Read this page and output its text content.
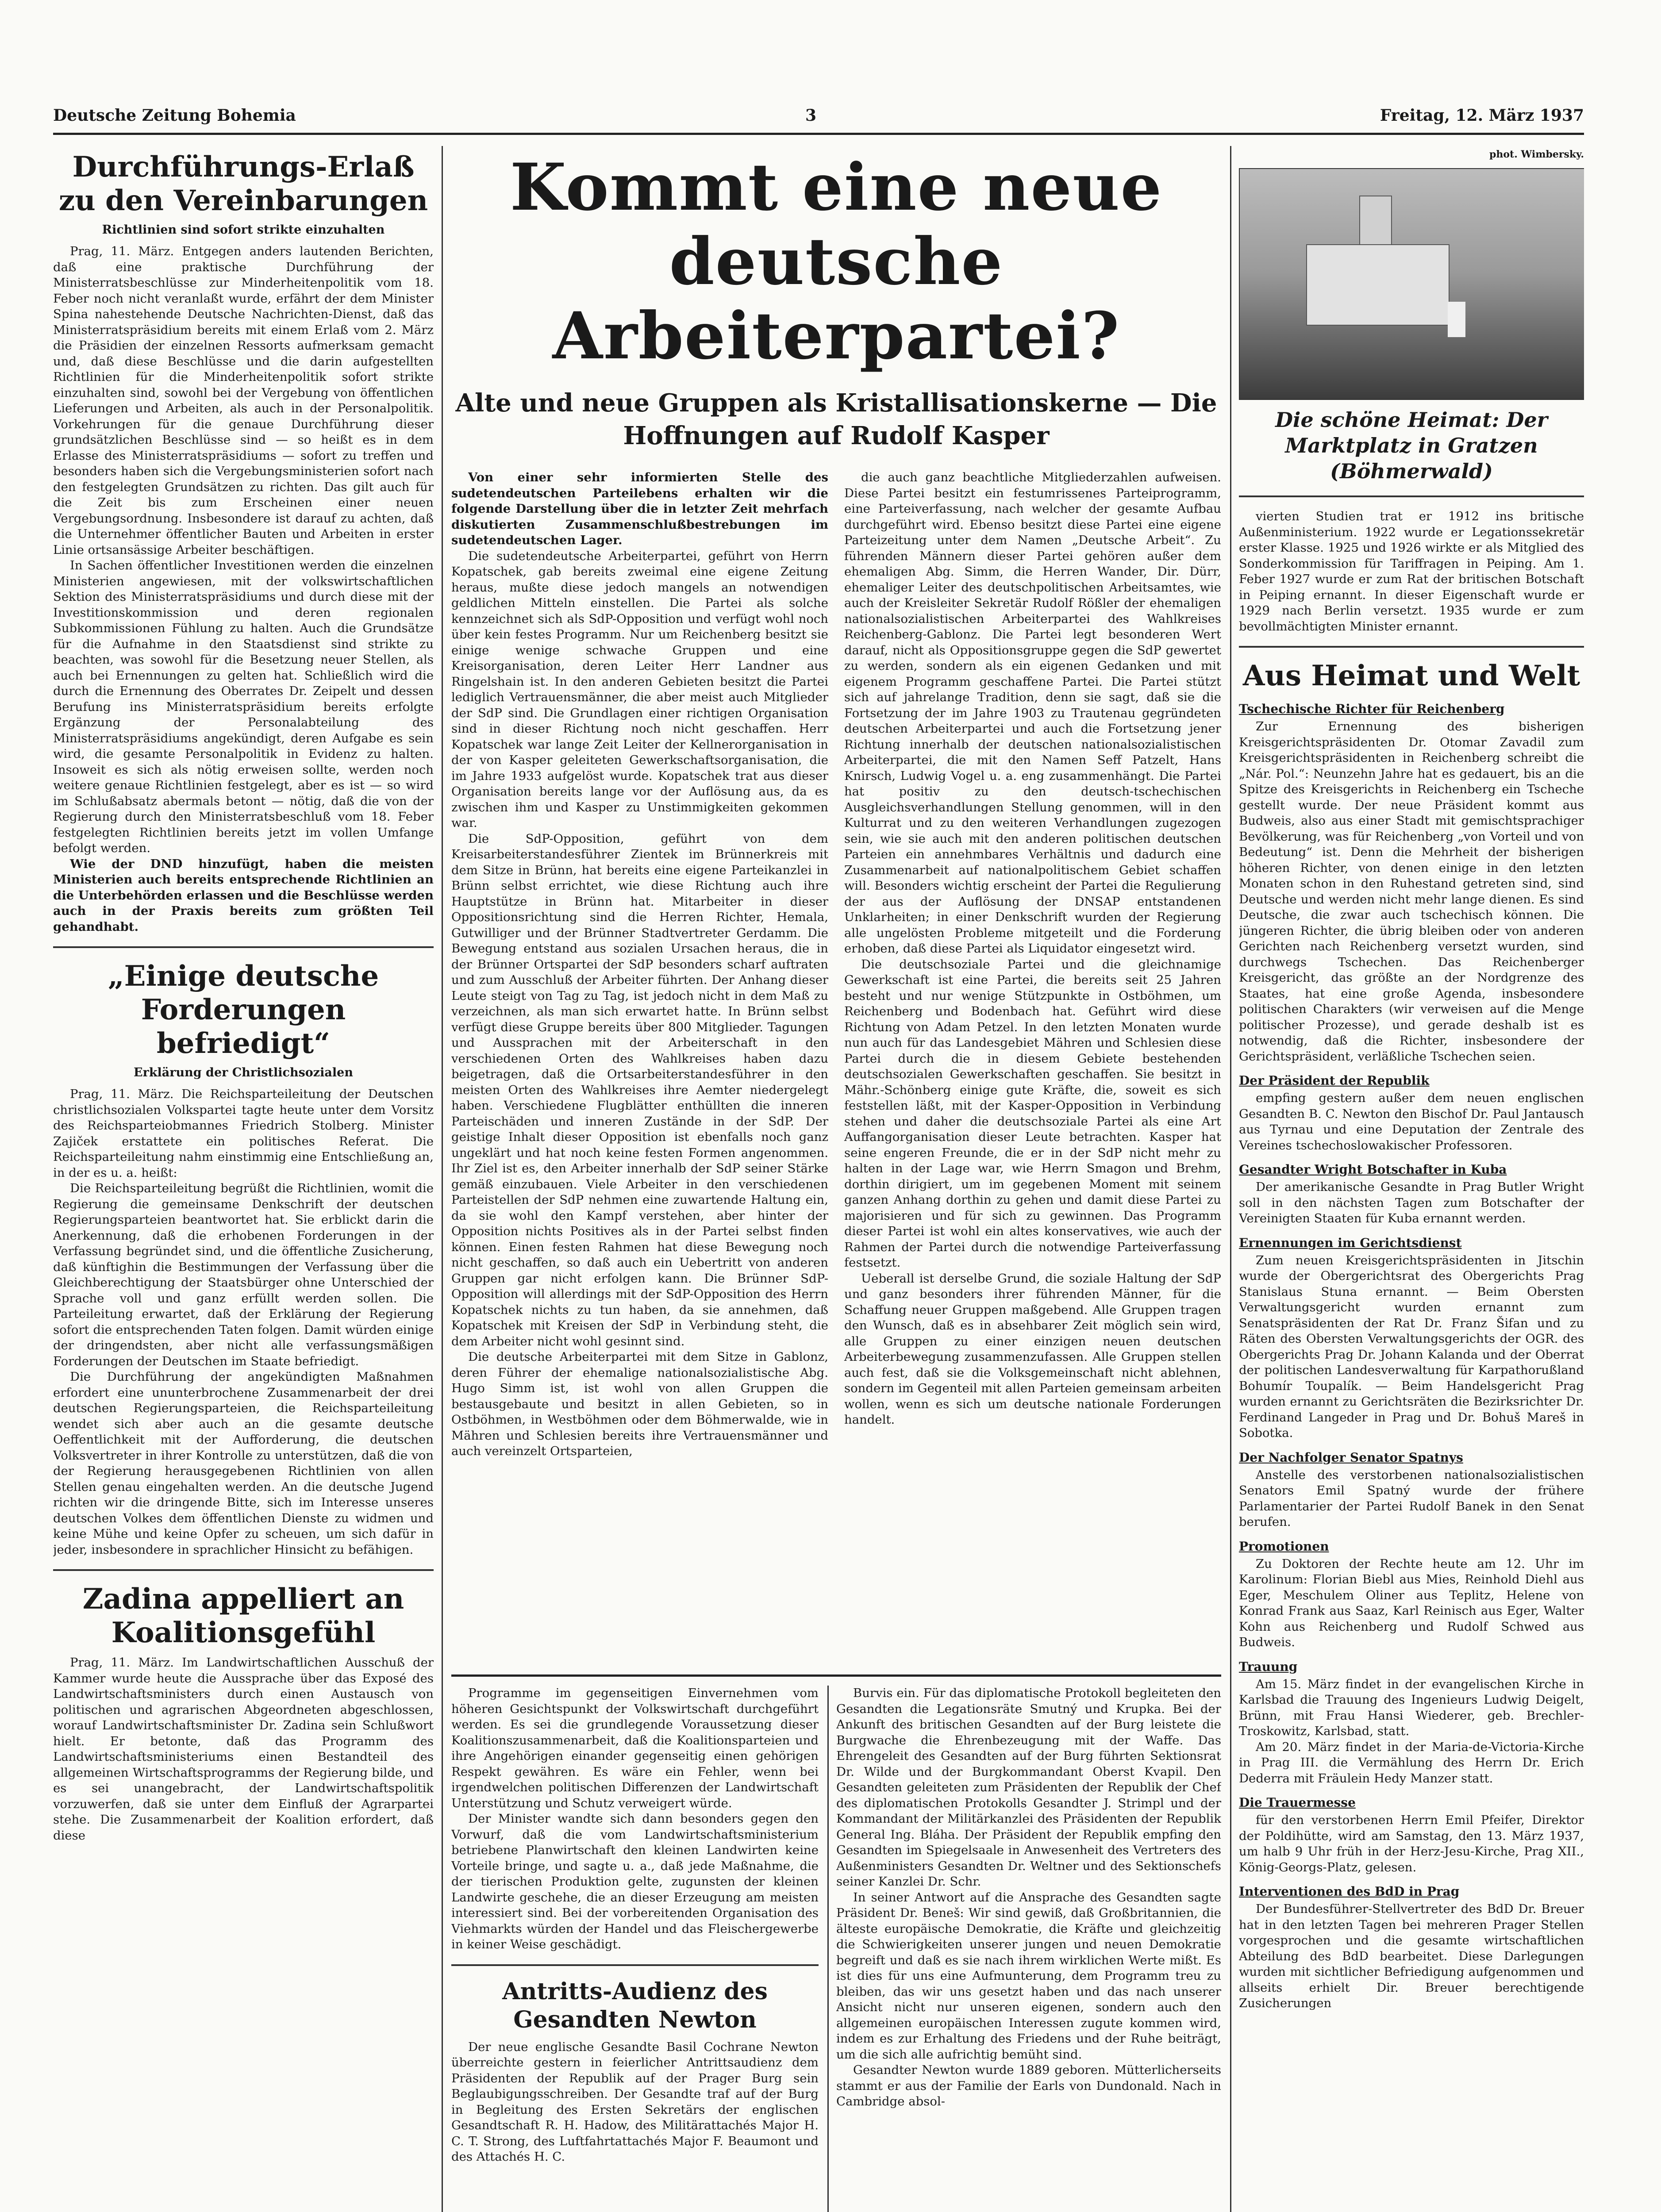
Deutsche Zeitung Bohemia	3	Freitag, 12. März 1937
Durchführungs-Erlaß zu den Vereinbarungen
Richtlinien sind sofort strikte einzuhalten

Prag, 11. März. Entgegen anders lautenden Berichten, daß eine praktische Durchführung der Ministerratsbeschlüsse zur Minderheitenpolitik vom 18. Feber noch nicht veranlaßt wurde, erfährt der dem Minister Spina nahestehende Deutsche Nachrichten-Dienst, daß das Ministerratspräsidium bereits mit einem Erlaß vom 2. März die Präsidien der einzelnen Ressorts aufmerksam gemacht und, daß diese Beschlüsse und die darin aufgestellten Richtlinien für die Minderheitenpolitik sofort strikte einzuhalten sind, sowohl bei der Vergebung von öffentlichen Lieferungen und Arbeiten, als auch in der Personalpolitik. Vorkehrungen für die genaue Durchführung dieser grundsätzlichen Beschlüsse sind — so heißt es in dem Erlasse des Ministerratspräsidiums — sofort zu treffen und besonders haben sich die Vergebungsministerien sofort nach den festgelegten Grundsätzen zu richten. Das gilt auch für die Zeit bis zum Erscheinen einer neuen Vergebungsordnung. Insbesondere ist darauf zu achten, daß die Unternehmer öffentlicher Bauten und Arbeiten in erster Linie ortsansässige Arbeiter beschäftigen.

In Sachen öffentlicher Investitionen werden die einzelnen Ministerien angewiesen, mit der volkswirtschaftlichen Sektion des Ministerratspräsidiums und durch diese mit der Investitionskommission und deren regionalen Subkommissionen Fühlung zu halten. Auch die Grundsätze für die Aufnahme in den Staatsdienst sind strikte zu beachten, was sowohl für die Besetzung neuer Stellen, als auch bei Ernennungen zu gelten hat. Schließlich wird die durch die Ernennung des Oberrates Dr. Zeipelt und dessen Berufung ins Ministerratspräsidium bereits erfolgte Ergänzung der Personalabteilung des Ministerratspräsidiums angekündigt, deren Aufgabe es sein wird, die gesamte Personalpolitik in Evidenz zu halten. Insoweit es sich als nötig erweisen sollte, werden noch weitere genaue Richtlinien festgelegt, aber es ist — so wird im Schlußabsatz abermals betont — nötig, daß die von der Regierung durch den Ministerratsbeschluß vom 18. Feber festgelegten Richtlinien bereits jetzt im vollen Umfange befolgt werden.

Wie der DND hinzufügt, haben die meisten Ministerien auch bereits entsprechende Richtlinien an die Unterbehörden erlassen und die Beschlüsse werden auch in der Praxis bereits zum größten Teil gehandhabt.

„Einige deutsche Forderungen befriedigt“
Erklärung der Christlichsozialen

Prag, 11. März. Die Reichsparteileitung der Deutschen christlichsozialen Volkspartei tagte heute unter dem Vorsitz des Reichsparteiobmannes Friedrich Stolberg. Minister Zajiček erstattete ein politisches Referat. Die Reichsparteileitung nahm einstimmig eine Entschließung an, in der es u. a. heißt:

Die Reichsparteileitung begrüßt die Richtlinien, womit die Regierung die gemeinsame Denkschrift der deutschen Regierungsparteien beantwortet hat. Sie erblickt darin die Anerkennung, daß die erhobenen Forderungen in der Verfassung begründet sind, und die öffentliche Zusicherung, daß künftighin die Bestimmungen der Verfassung über die Gleichberechtigung der Staatsbürger ohne Unterschied der Sprache voll und ganz erfüllt werden sollen. Die Parteileitung erwartet, daß der Erklärung der Regierung sofort die entsprechenden Taten folgen. Damit würden einige der dringendsten, aber nicht alle verfassungsmäßigen Forderungen der Deutschen im Staate befriedigt.

Die Durchführung der angekündigten Maßnahmen erfordert eine ununterbrochene Zusammenarbeit der drei deutschen Regierungsparteien, die Reichsparteileitung wendet sich aber auch an die gesamte deutsche Oeffentlichkeit mit der Aufforderung, die deutschen Volksvertreter in ihrer Kontrolle zu unterstützen, daß die von der Regierung herausgegebenen Richtlinien von allen Stellen genau eingehalten werden. An die deutsche Jugend richten wir die dringende Bitte, sich im Interesse unseres deutschen Volkes dem öffentlichen Dienste zu widmen und keine Mühe und keine Opfer zu scheuen, um sich dafür in jeder, insbesondere in sprachlicher Hinsicht zu befähigen.

Zadina appelliert an Koalitionsgefühl

Prag, 11. März. Im Landwirtschaftlichen Ausschuß der Kammer wurde heute die Aussprache über das Exposé des Landwirtschaftsministers durch einen Austausch von politischen und agrarischen Abgeordneten abgeschlossen, worauf Landwirtschaftsminister Dr. Zadina sein Schlußwort hielt. Er betonte, daß das Programm des Landwirtschaftsministeriums einen Bestandteil des allgemeinen Wirtschaftsprogramms der Regierung bilde, und es sei unangebracht, der Landwirtschaftspolitik vorzuwerfen, daß sie unter dem Einfluß der Agrarpartei stehe. Die Zusammenarbeit der Koalition erfordert, daß diese

Kommt eine neue deutsche Arbeiterpartei?
Alte und neue Gruppen als Kristallisationskerne — Die Hoffnungen auf Rudolf Kasper

Von einer sehr informierten Stelle des sudetendeutschen Parteilebens erhalten wir die folgende Darstellung über die in letzter Zeit mehrfach diskutierten Zusammenschlußbestrebungen im sudetendeutschen Lager.

Die sudetendeutsche Arbeiterpartei, geführt von Herrn Kopatschek, gab bereits zweimal eine eigene Zeitung heraus, mußte diese jedoch mangels an notwendigen geldlichen Mitteln einstellen. Die Partei als solche kennzeichnet sich als SdP-Opposition und verfügt wohl noch über kein festes Programm. Nur um Reichenberg besitzt sie einige wenige schwache Gruppen und eine Kreisorganisation, deren Leiter Herr Landner aus Ringelshain ist. In den anderen Gebieten besitzt die Partei lediglich Vertrauensmänner, die aber meist auch Mitglieder der SdP sind. Die Grundlagen einer richtigen Organisation sind in dieser Richtung noch nicht geschaffen. Herr Kopatschek war lange Zeit Leiter der Kellnerorganisation in der von Kasper geleiteten Gewerkschaftsorganisation, die im Jahre 1933 aufgelöst wurde. Kopatschek trat aus dieser Organisation bereits lange vor der Auflösung aus, da es zwischen ihm und Kasper zu Unstimmigkeiten gekommen war.

Die SdP-Opposition, geführt von dem Kreisarbeiterstandesführer Zientek im Brünnerkreis mit dem Sitze in Brünn, hat bereits eine eigene Parteikanzlei in Brünn selbst errichtet, wie diese Richtung auch ihre Hauptstütze in Brünn hat. Mitarbeiter in dieser Oppositionsrichtung sind die Herren Richter, Hemala, Gutwilliger und der Brünner Stadtvertreter Gerdamm. Die Bewegung entstand aus sozialen Ursachen heraus, die in der Brünner Ortspartei der SdP besonders scharf auftraten und zum Ausschluß der Arbeiter führten. Der Anhang dieser Leute steigt von Tag zu Tag, ist jedoch nicht in dem Maß zu verzeichnen, als man sich erwartet hatte. In Brünn selbst verfügt diese Gruppe bereits über 800 Mitglieder. Tagungen und Aussprachen mit der Arbeiterschaft in den verschiedenen Orten des Wahlkreises haben dazu beigetragen, daß die Ortsarbeiterstandesführer in den meisten Orten des Wahlkreises ihre Aemter niedergelegt haben. Verschiedene Flugblätter enthüllten die inneren Parteischäden und inneren Zustände in der SdP. Der geistige Inhalt dieser Opposition ist ebenfalls noch ganz ungeklärt und hat noch keine festen Formen angenommen. Ihr Ziel ist es, den Arbeiter innerhalb der SdP seiner Stärke gemäß einzubauen. Viele Arbeiter in den verschiedenen Parteistellen der SdP nehmen eine zuwartende Haltung ein, da sie wohl den Kampf verstehen, aber hinter der Opposition nichts Positives als in der Partei selbst finden können. Einen festen Rahmen hat diese Bewegung noch nicht geschaffen, so daß auch ein Uebertritt von anderen Gruppen gar nicht erfolgen kann. Die Brünner SdP-Opposition will allerdings mit der SdP-Opposition des Herrn Kopatschek nichts zu tun haben, da sie annehmen, daß Kopatschek mit Kreisen der SdP in Verbindung steht, die dem Arbeiter nicht wohl gesinnt sind.

Die deutsche Arbeiterpartei mit dem Sitze in Gablonz, deren Führer der ehemalige nationalsozialistische Abg. Hugo Simm ist, ist wohl von allen Gruppen die bestausgebaute und besitzt in allen Gebieten, so in Ostböhmen, in Westböhmen oder dem Böhmerwalde, wie in Mähren und Schlesien bereits ihre Vertrauensmänner und auch vereinzelt Ortsparteien,

die auch ganz beachtliche Mitgliederzahlen aufweisen. Diese Partei besitzt ein festumrissenes Parteiprogramm, eine Parteiverfassung, nach welcher der gesamte Aufbau durchgeführt wird. Ebenso besitzt diese Partei eine eigene Parteizeitung unter dem Namen „Deutsche Arbeit“. Zu führenden Männern dieser Partei gehören außer dem ehemaligen Abg. Simm, die Herren Wander, Dir. Dürr, ehemaliger Leiter des deutschpolitischen Arbeitsamtes, wie auch der Kreisleiter Sekretär Rudolf Rößler der ehemaligen nationalsozialistischen Arbeiterpartei des Wahlkreises Reichenberg-Gablonz. Die Partei legt besonderen Wert darauf, nicht als Oppositionsgruppe gegen die SdP gewertet zu werden, sondern als ein eigenen Gedanken und mit eigenem Programm geschaffene Partei. Die Partei stützt sich auf jahrelange Tradition, denn sie sagt, daß sie die Fortsetzung der im Jahre 1903 zu Trautenau gegründeten deutschen Arbeiterpartei und auch die Fortsetzung jener Richtung innerhalb der deutschen nationalsozialistischen Arbeiterpartei, die mit den Namen Seff Patzelt, Hans Knirsch, Ludwig Vogel u. a. eng zusammenhängt. Die Partei hat positiv zu den deutsch-tschechischen Ausgleichsverhandlungen Stellung genommen, will in den Kulturrat und zu den weiteren Verhandlungen zugezogen sein, wie sie auch mit den anderen politischen deutschen Parteien ein annehmbares Verhältnis und dadurch eine Zusammenarbeit auf nationalpolitischem Gebiet schaffen will. Besonders wichtig erscheint der Partei die Regulierung der aus der Auflösung der DNSAP entstandenen Unklarheiten; in einer Denkschrift wurden der Regierung alle ungelösten Probleme mitgeteilt und die Forderung erhoben, daß diese Partei als Liquidator eingesetzt wird.

Die deutschsoziale Partei und die gleichnamige Gewerkschaft ist eine Partei, die bereits seit 25 Jahren besteht und nur wenige Stützpunkte in Ostböhmen, um Reichenberg und Bodenbach hat. Geführt wird diese Richtung von Adam Petzel. In den letzten Monaten wurde nun auch für das Landesgebiet Mähren und Schlesien diese Partei durch die in diesem Gebiete bestehenden deutschsozialen Gewerkschaften geschaffen. Sie besitzt in Mähr.-Schönberg einige gute Kräfte, die, soweit es sich feststellen läßt, mit der Kasper-Opposition in Verbindung stehen und daher die deutschsoziale Partei als eine Art Auffangorganisation dieser Leute betrachten. Kasper hat seine engeren Freunde, die er in der SdP nicht mehr zu halten in der Lage war, wie Herrn Smagon und Brehm, dorthin dirigiert, um im gegebenen Moment mit seinem ganzen Anhang dorthin zu gehen und damit diese Partei zu majorisieren und für sich zu gewinnen. Das Programm dieser Partei ist wohl ein altes konservatives, wie auch der Rahmen der Partei durch die notwendige Parteiverfassung festsetzt.

Ueberall ist derselbe Grund, die soziale Haltung der SdP und ganz besonders ihrer führenden Männer, für die Schaffung neuer Gruppen maßgebend. Alle Gruppen tragen den Wunsch, daß es in absehbarer Zeit möglich sein wird, alle Gruppen zu einer einzigen neuen deutschen Arbeiterbewegung zusammenzufassen. Alle Gruppen stellen auch fest, daß sie die Volksgemeinschaft nicht ablehnen, sondern im Gegenteil mit allen Parteien gemeinsam arbeiten wollen, wenn es sich um deutsche nationale Forderungen handelt.

Programme im gegenseitigen Einvernehmen vom höheren Gesichtspunkt der Volkswirtschaft durchgeführt werden. Es sei die grundlegende Voraussetzung dieser Koalitionszusammenarbeit, daß die Koalitionsparteien und ihre Angehörigen einander gegenseitig einen gehörigen Respekt gewähren. Es wäre ein Fehler, wenn bei irgendwelchen politischen Differenzen der Landwirtschaft Unterstützung und Schutz verweigert würde.

Der Minister wandte sich dann besonders gegen den Vorwurf, daß die vom Landwirtschaftsministerium betriebene Planwirtschaft den kleinen Landwirten keine Vorteile bringe, und sagte u. a., daß jede Maßnahme, die der tierischen Produktion gelte, zugunsten der kleinen Landwirte geschehe, die an dieser Erzeugung am meisten interessiert sind. Bei der vorbereitenden Organisation des Viehmarkts würden der Handel und das Fleischergewerbe in keiner Weise geschädigt.

Antritts-Audienz des Gesandten Newton

Der neue englische Gesandte Basil Cochrane Newton überreichte gestern in feierlicher Antrittsaudienz dem Präsidenten der Republik auf der Prager Burg sein Beglaubigungsschreiben. Der Gesandte traf auf der Burg in Begleitung des Ersten Sekretärs der englischen Gesandtschaft R. H. Hadow, des Militärattachés Major H. C. T. Strong, des Luftfahrtattachés Major F. Beaumont und des Attachés H. C.

Burvis ein. Für das diplomatische Protokoll begleiteten den Gesandten die Legationsräte Smutný und Krupka. Bei der Ankunft des britischen Gesandten auf der Burg leistete die Burgwache die Ehrenbezeugung mit der Waffe. Das Ehrengeleit des Gesandten auf der Burg führten Sektionsrat Dr. Wilde und der Burgkommandant Oberst Kvapil. Den Gesandten geleiteten zum Präsidenten der Republik der Chef des diplomatischen Protokolls Gesandter J. Strimpl und der Kommandant der Militärkanzlei des Präsidenten der Republik General Ing. Bláha. Der Präsident der Republik empfing den Gesandten im Spiegelsaale in Anwesenheit des Vertreters des Außenministers Gesandten Dr. Weltner und des Sektionschefs seiner Kanzlei Dr. Schr.

In seiner Antwort auf die Ansprache des Gesandten sagte Präsident Dr. Beneš: Wir sind gewiß, daß Großbritannien, die älteste europäische Demokratie, die Kräfte und gleichzeitig die Schwierigkeiten unserer jungen und neuen Demokratie begreift und daß es sie nach ihrem wirklichen Werte mißt. Es ist dies für uns eine Aufmunterung, dem Programm treu zu bleiben, das wir uns gesetzt haben und das nach unserer Ansicht nicht nur unseren eigenen, sondern auch den allgemeinen europäischen Interessen zugute kommen wird, indem es zur Erhaltung des Friedens und der Ruhe beiträgt, um die sich alle aufrichtig bemüht sind.

Gesandter Newton wurde 1889 geboren. Mütterlicherseits stammt er aus der Familie der Earls von Dundonald. Nach in Cambridge absol-

phot. Wimbersky.
Die schöne Heimat: Der Marktplatz in Gratzen (Böhmerwald)

vierten Studien trat er 1912 ins britische Außenministerium. 1922 wurde er Legationssekretär erster Klasse. 1925 und 1926 wirkte er als Mitglied des Sonderkommission für Tariffragen in Peiping. Am 1. Feber 1927 wurde er zum Rat der britischen Botschaft in Peiping ernannt. In dieser Eigenschaft wurde er 1929 nach Berlin versetzt. 1935 wurde er zum bevollmächtigten Minister ernannt.

Aus Heimat und Welt
Tschechische Richter für Reichenberg

Zur Ernennung des bisherigen Kreisgerichtspräsidenten Dr. Otomar Zavadil zum Kreisgerichtspräsidenten in Reichenberg schreibt die „Nár. Pol.“: Neunzehn Jahre hat es gedauert, bis an die Spitze des Kreisgerichts in Reichenberg ein Tscheche gestellt wurde. Der neue Präsident kommt aus Budweis, also aus einer Stadt mit gemischtsprachiger Bevölkerung, was für Reichenberg „von Vorteil und von Bedeutung“ ist. Denn die Mehrheit der bisherigen höheren Richter, von denen einige in den letzten Monaten schon in den Ruhestand getreten sind, sind Deutsche und werden nicht mehr lange dienen. Es sind Deutsche, die zwar auch tschechisch können. Die jüngeren Richter, die übrig bleiben oder von anderen Gerichten nach Reichenberg versetzt wurden, sind durchwegs Tschechen. Das Reichenberger Kreisgericht, das größte an der Nordgrenze des Staates, hat eine große Agenda, insbesondere politischen Charakters (wir verweisen auf die Menge politischer Prozesse), und gerade deshalb ist es notwendig, daß die Richter, insbesondere der Gerichtspräsident, verläßliche Tschechen seien.

Der Präsident der Republik

empfing gestern außer dem neuen englischen Gesandten B. C. Newton den Bischof Dr. Paul Jantausch aus Tyrnau und eine Deputation der Zentrale des Vereines tschechoslowakischer Professoren.

Gesandter Wright Botschafter in Kuba

Der amerikanische Gesandte in Prag Butler Wright soll in den nächsten Tagen zum Botschafter der Vereinigten Staaten für Kuba ernannt werden.

Ernennungen im Gerichtsdienst

Zum neuen Kreisgerichtspräsidenten in Jitschin wurde der Obergerichtsrat des Obergerichts Prag Stanislaus Stuna ernannt. — Beim Obersten Verwaltungsgericht wurden ernannt zum Senatspräsidenten der Rat Dr. Franz Šifan und zu Räten des Obersten Verwaltungsgerichts der OGR. des Obergerichts Prag Dr. Johann Kalanda und der Oberrat der politischen Landesverwaltung für Karpathorußland Bohumír Toupalík. — Beim Handelsgericht Prag wurden ernannt zu Gerichtsräten die Bezirksrichter Dr. Ferdinand Langeder in Prag und Dr. Bohuš Mareš in Sobotka.

Der Nachfolger Senator Spatnys

Anstelle des verstorbenen nationalsozialistischen Senators Emil Spatný wurde der frühere Parlamentarier der Partei Rudolf Banek in den Senat berufen.

Promotionen

Zu Doktoren der Rechte heute am 12. Uhr im Karolinum: Florian Biebl aus Mies, Reinhold Diehl aus Eger, Meschulem Oliner aus Teplitz, Helene von Konrad Frank aus Saaz, Karl Reinisch aus Eger, Walter Kohn aus Reichenberg und Rudolf Schwed aus Budweis.

Trauung

Am 15. März findet in der evangelischen Kirche in Karlsbad die Trauung des Ingenieurs Ludwig Deigelt, Brünn, mit Frau Hansi Wiederer, geb. Brechler-Troskowitz, Karlsbad, statt.

Am 20. März findet in der Maria-de-Victoria-Kirche in Prag III. die Vermählung des Herrn Dr. Erich Dederra mit Fräulein Hedy Manzer statt.

Die Trauermesse

für den verstorbenen Herrn Emil Pfeifer, Direktor der Poldihütte, wird am Samstag, den 13. März 1937, um halb 9 Uhr früh in der Herz-Jesu-Kirche, Prag XII., König-Georgs-Platz, gelesen.

Interventionen des BdD in Prag

Der Bundesführer-Stellvertreter des BdD Dr. Breuer hat in den letzten Tagen bei mehreren Prager Stellen vorgesprochen und die gesamte wirtschaftlichen Abteilung des BdD bearbeitet. Diese Darlegungen wurden mit sichtlicher Befriedigung aufgenommen und allseits erhielt Dir. Breuer berechtigende Zusicherungen
